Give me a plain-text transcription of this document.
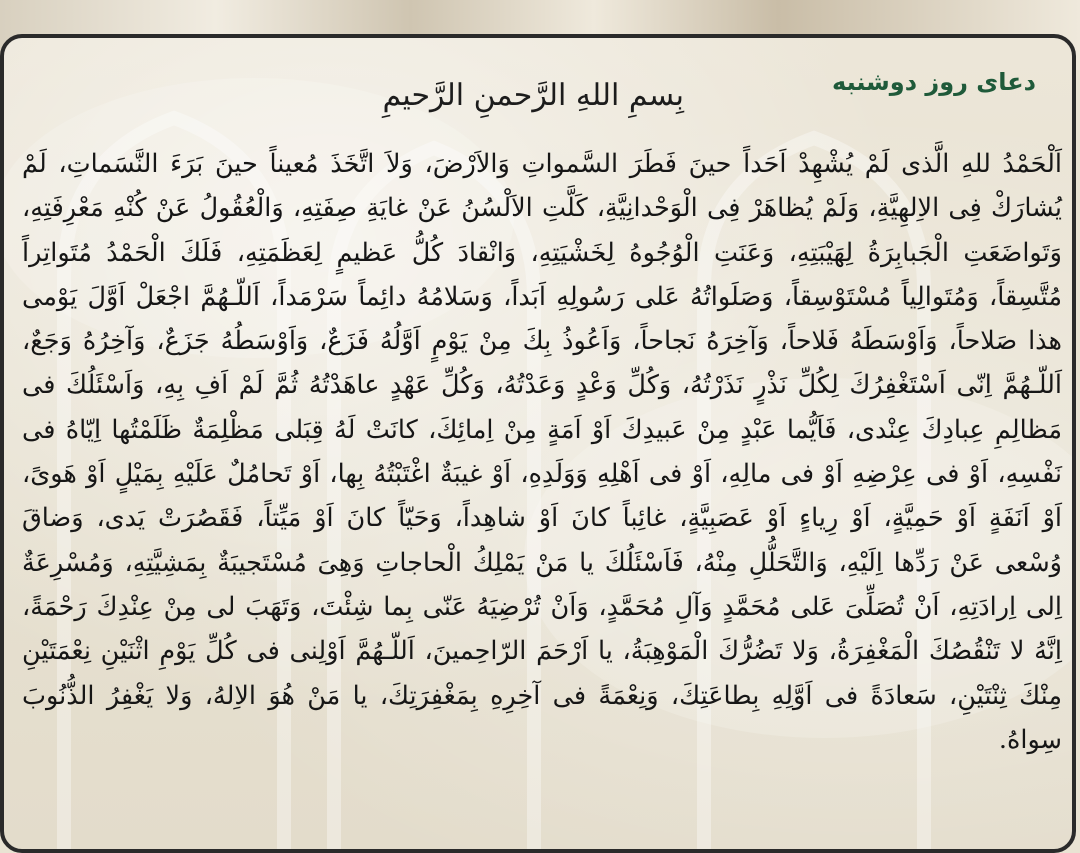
دعای روز دوشنبه
بِسمِ اللهِ الرَّحمنِ الرَّحیمِ

اَلْحَمْدُ للهِ الَّذى لَمْ يُشْهِدْ اَحَداً حينَ فَطَرَ السَّمواتِ وَالاَرْضَ، وَلاَ اتَّخَذَ مُعيناً حينَ بَرَءَ النَّسَماتِ، لَمْ يُشارَكْ فِى الاِلهِيَّةِ، وَلَمْ يُظاهَرْ فِى الْوَحْدانِيَّةِ، كَلَّتِ الاَلْسُنُ عَنْ غايَةِ صِفَتِهِ، وَالْعُقُولُ عَنْ كُنْهِ مَعْرِفَتِهِ، وَتَواضَعَتِ الْجَبابِرَةُ لِهَيْبَتِهِ، وَعَنَتِ الْوُجُوهُ لِخَشْيَتِهِ، وَانْقادَ كُلُّ عَظيمٍ لِعَظَمَتِهِ، فَلَكَ الْحَمْدُ مُتَواتِراً مُتَّسِقاً، وَمُتَوالِياً مُسْتَوْسِقاً، وَصَلَواتُهُ عَلى رَسُولِهِ اَبَداً، وَسَلامُهُ دائِماً سَرْمَداً، اَللّـهُمَّ اجْعَلْ اَوَّلَ يَوْمى هذا صَلاحاً، وَاَوْسَطَهُ فَلاحاً، وَآخِرَهُ نَجاحاً، وَاَعُوذُ بِكَ مِنْ يَوْمٍ اَوَّلُهُ فَزَعٌ، وَاَوْسَطُهُ جَزَعٌ، وَآخِرُهُ وَجَعٌ، اَللّـهُمَّ اِنّى اَسْتَغْفِرُكَ لِكُلِّ نَذْرٍ نَذَرْتُهُ، وَكُلِّ وَعْدٍ وَعَدْتُهُ، وَكُلِّ عَهْدٍ عاهَدْتُهُ ثُمَّ لَمْ اَفِ بِهِ، وَاَسْئَلُكَ فى مَظالِمِ عِبادِكَ عِنْدى، فَاَيُّما عَبْدٍ مِنْ عَبيدِكَ اَوْ اَمَةٍ مِنْ اِمائِكَ، كانَتْ لَهُ قِبَلى مَظْلِمَةٌ ظَلَمْتُها اِيّاهُ فى نَفْسِهِ، اَوْ فى عِرْضِهِ اَوْ فى مالِهِ، اَوْ فى اَهْلِهِ وَوَلَدِهِ، اَوْ غيبَةٌ اغْتَبْتُهُ بِها، اَوْ تَحامُلٌ عَلَيْهِ بِمَيْلٍ اَوْ هَوىً، اَوْ اَنَفَةٍ اَوْ حَمِيَّةٍ، اَوْ رِياءٍ اَوْ عَصَبِيَّةٍ، غائِباً كانَ اَوْ شاهِداً، وَحَيّاً كانَ اَوْ مَيِّتاً، فَقَصُرَتْ يَدى، وَضاقَ وُسْعى عَنْ رَدِّها اِلَيْهِ، وَالتَّحَلُّلِ مِنْهُ، فَاَسْئَلُكَ يا مَنْ يَمْلِكُ الْحاجاتِ وَهِىَ مُسْتَجيبَةٌ بِمَشِيَّتِهِ، وَمُسْرِعَةٌ اِلى اِرادَتِهِ، اَنْ تُصَلِّىَ عَلى مُحَمَّدٍ وَآلِ مُحَمَّدٍ، وَاَنْ تُرْضِيَهُ عَنّى بِما شِئْتَ، وَتَهَبَ لى مِنْ عِنْدِكَ رَحْمَةً، اِنَّهُ لا تَنْقُصُكَ الْمَغْفِرَةُ، وَلا تَضُرُّكَ الْمَوْهِبَةُ، يا اَرْحَمَ الرّاحِمينَ، اَللّـهُمَّ اَوْلِنى فى كُلِّ يَوْمِ اثْنَيْنِ نِعْمَتَيْنِ مِنْكَ ثِنْتَيْنِ، سَعادَةً فى اَوَّلِهِ بِطاعَتِكَ، وَنِعْمَةً فى آخِرِهِ بِمَغْفِرَتِكَ، يا مَنْ هُوَ الاِلهُ، وَلا يَغْفِرُ الذُّنُوبَ سِواهُ.
